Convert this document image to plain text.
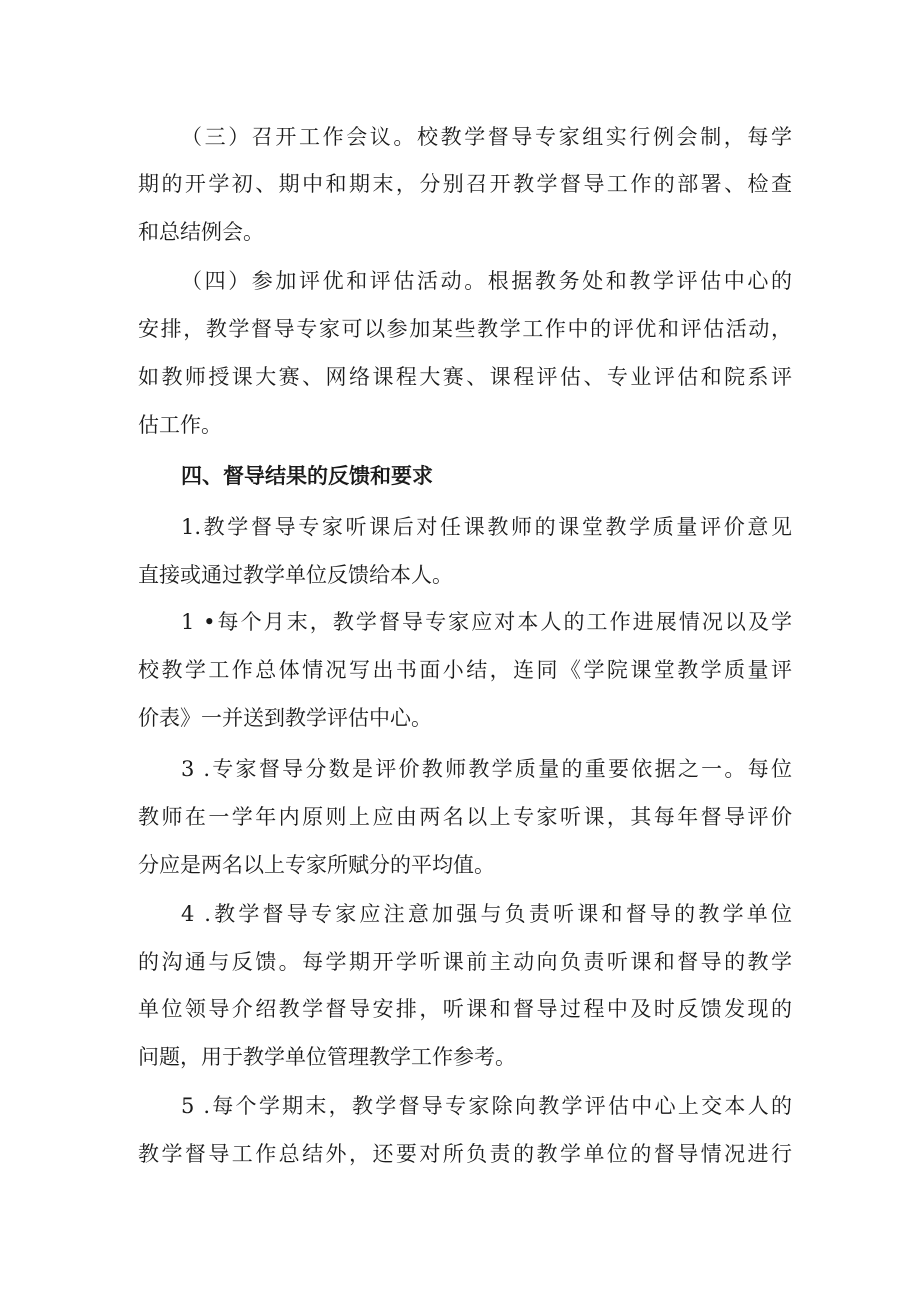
（三）召开工作会议。校教学督导专家组实行例会制，每学
期的开学初、期中和期末，分别召开教学督导工作的部署、检查
和总结例会。
（四）参加评优和评估活动。根据教务处和教学评估中心的
安排，教学督导专家可以参加某些教学工作中的评优和评估活动，
如教师授课大赛、网络课程大赛、课程评估、专业评估和院系评
估工作。
四、督导结果的反馈和要求
1.教学督导专家听课后对任课教师的课堂教学质量评价意见
直接或通过教学单位反馈给本人。
1 •每个月末，教学督导专家应对本人的工作进展情况以及学
校教学工作总体情况写出书面小结，连同《学院课堂教学质量评
价表》一并送到教学评估中心。
3 .专家督导分数是评价教师教学质量的重要依据之一。每位
教师在一学年内原则上应由两名以上专家听课，其每年督导评价
分应是两名以上专家所赋分的平均值。
4 .教学督导专家应注意加强与负责听课和督导的教学单位
的沟通与反馈。每学期开学听课前主动向负责听课和督导的教学
单位领导介绍教学督导安排，听课和督导过程中及时反馈发现的
问题，用于教学单位管理教学工作参考。
5 .每个学期末，教学督导专家除向教学评估中心上交本人的
教学督导工作总结外，还要对所负责的教学单位的督导情况进行
